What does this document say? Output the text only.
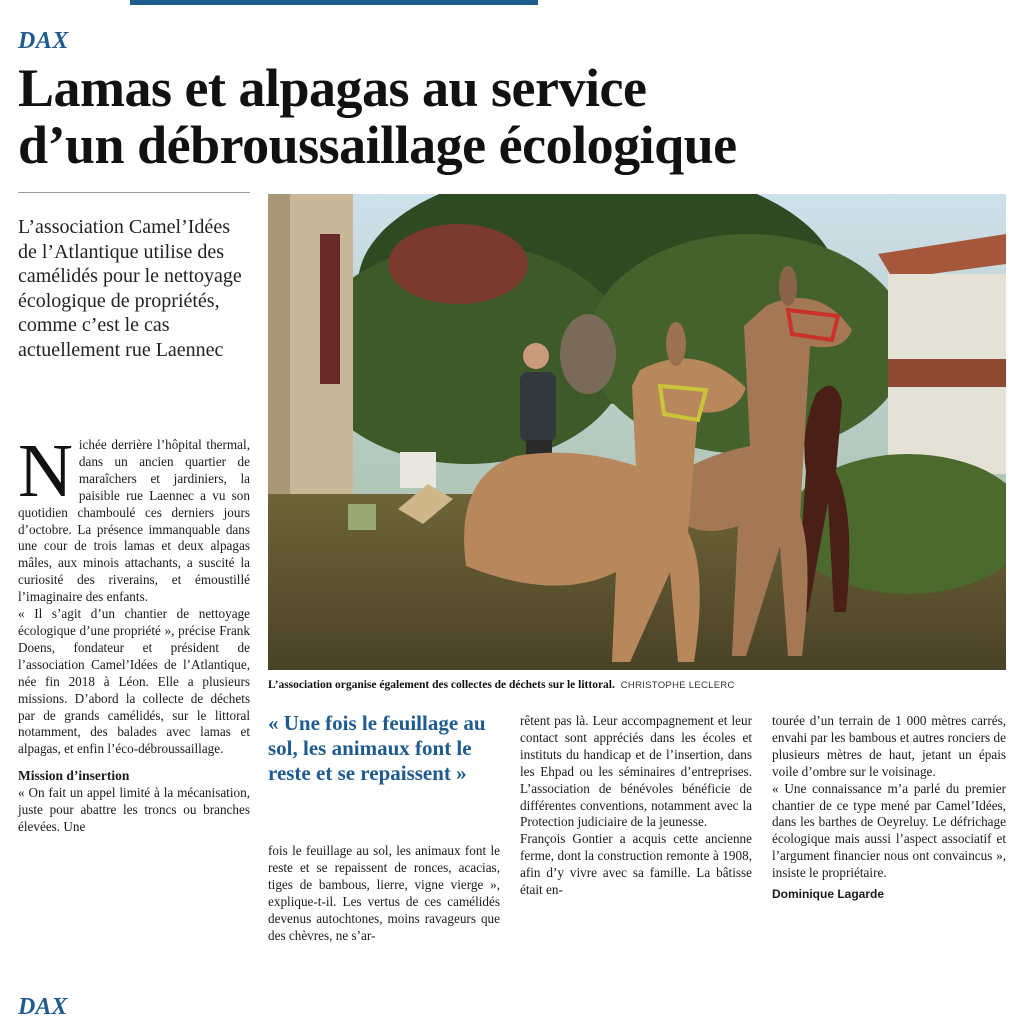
DAX
Lamas et alpagas au service
d’un débroussaillage écologique

L’association Camel’Idées de l’Atlantique utilise des camélidés pour le nettoyage écologique de propriétés, comme c’est le cas actuellement rue Laennec

L’association organise également des collectes de déchets sur le littoral. CHRISTOPHE LECLERC

Nichée derrière l’hôpital thermal, dans un ancien quartier de maraîchers et jardiniers, la paisible rue Laennec a vu son quotidien chamboulé ces derniers jours d’octobre. La présence immanquable dans une cour de trois lamas et deux alpagas mâles, aux minois attachants, a suscité la curiosité des riverains, et émoustillé l’imaginaire des enfants.

« Il s’agit d’un chantier de nettoyage écologique d’une propriété », précise Frank Doens, fondateur et président de l’association Camel’Idées de l’Atlantique, née fin 2018 à Léon. Elle a plusieurs missions. D’abord la collecte de déchets par de grands camélidés, sur le littoral notamment, des balades avec lamas et alpagas, et enfin l’éco-débroussaillage.

Mission d’insertion

« On fait un appel limité à la mécanisation, juste pour abattre les troncs ou branches élevées. Une

« Une fois le feuillage au sol, les animaux font le reste et se repaissent »

fois le feuillage au sol, les animaux font le reste et se repaissent de ronces, acacias, tiges de bambous, lierre, vigne vierge », explique-t-il. Les vertus de ces camélidés devenus autochtones, moins ravageurs que des chèvres, ne s’ar-

rêtent pas là. Leur accompagnement et leur contact sont appréciés dans les écoles et instituts du handicap et de l’insertion, dans les Ehpad ou les séminaires d’entreprises. L’association de bénévoles bénéficie de différentes conventions, notamment avec la Protection judiciaire de la jeunesse.

François Gontier a acquis cette ancienne ferme, dont la construction remonte à 1908, afin d’y vivre avec sa famille. La bâtisse était en-

tourée d’un terrain de 1 000 mètres carrés, envahi par les bambous et autres ronciers de plusieurs mètres de haut, jetant un épais voile d’ombre sur le voisinage.

« Une connaissance m’a parlé du premier chantier de ce type mené par Camel’Idées, dans les barthes de Oeyreluy. Le défrichage écologique mais aussi l’aspect associatif et l’argument financier nous ont convaincus », insiste le propriétaire.

Dominique Lagarde
DAX
